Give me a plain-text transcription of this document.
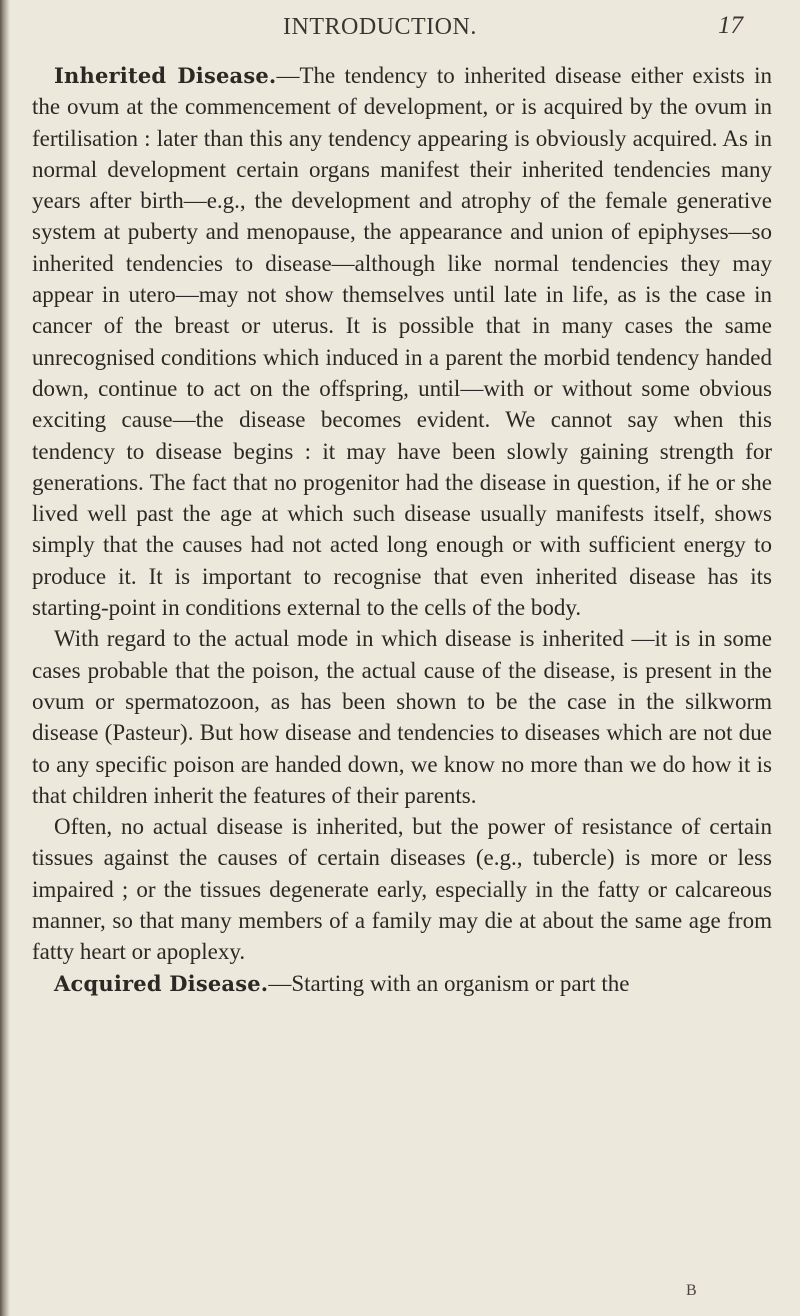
INTRODUCTION.	17

Inherited Disease.—The tendency to inherited disease either exists in the ovum at the commencement of development, or is acquired by the ovum in fertilisation : later than this any tendency appearing is obviously acquired. As in normal development certain organs manifest their inherited tendencies many years after birth—e.g., the development and atrophy of the female generative system at puberty and menopause, the appearance and union of epiphyses—so inherited tendencies to disease—although like normal tendencies they may appear in utero—may not show themselves until late in life, as is the case in cancer of the breast or uterus. It is possible that in many cases the same unrecognised conditions which induced in a parent the morbid tendency handed down, continue to act on the offspring, until—with or without some obvious exciting cause—the disease becomes evident. We cannot say when this tendency to disease begins : it may have been slowly gaining strength for generations. The fact that no progenitor had the disease in question, if he or she lived well past the age at which such disease usually manifests itself, shows simply that the causes had not acted long enough or with sufficient energy to produce it. It is important to recognise that even inherited disease has its starting-point in conditions external to the cells of the body.

With regard to the actual mode in which disease is inherited —it is in some cases probable that the poison, the actual cause of the disease, is present in the ovum or spermatozoon, as has been shown to be the case in the silkworm disease (Pasteur). But how disease and tendencies to diseases which are not due to any specific poison are handed down, we know no more than we do how it is that children inherit the features of their parents.

Often, no actual disease is inherited, but the power of resistance of certain tissues against the causes of certain diseases (e.g., tubercle) is more or less impaired ; or the tissues degenerate early, especially in the fatty or calcareous manner, so that many members of a family may die at about the same age from fatty heart or apoplexy.

Acquired Disease.—Starting with an organism or part the

B
